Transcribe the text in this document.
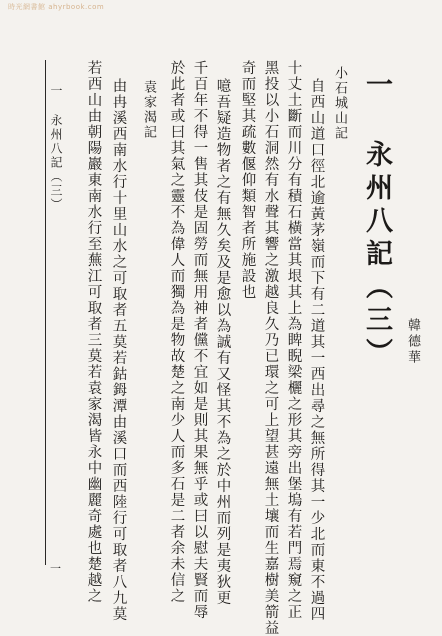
時光網書館 ahyrbook.com
一 永州八記（三） 韓德華
小石城山記
自西山道口徑北逾黃茅嶺而下有二道其一西出尋之無所得其一少北而東不過四
十丈土斷而川分有積石橫當其垠其上為睥睨梁欐之形其旁出堡塢有若門焉窺之正
黑投以小石洞然有水聲其響之激越良久乃已環之可上望甚遠無土壤而生嘉樹美箭益
奇而堅其疏數偃仰類智者所施設也
噫吾疑造物者之有無久矣及是愈以為誠有又怪其不為之於中州而列是夷狄更
千百年不得一售其伎是固勞而無用神者儻不宜如是則其果無乎或曰以慰夫賢而辱
於此者或曰其氣之靈不為偉人而獨為是物故楚之南少人而多石是二者余未信之
袁家渴記
由冉溪西南水行十里山水之可取者五莫若鈷鉧潭由溪口而西陸行可取者八九莫
若西山由朝陽巖東南水行至蕪江可取者三莫若袁家渴皆永中幽麗奇處也楚越之
一 永州八記（三）
一
